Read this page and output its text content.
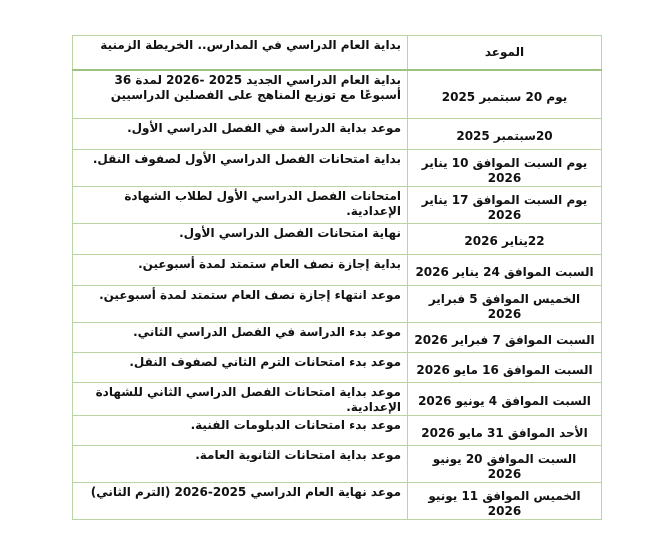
بداية العام الدراسي في المدارس.. الخريطة الزمنية	الموعد
بداية العام الدراسي الجديد 2025 -2026 لمدة 36 أسبوعًا مع توزيع المناهج على الفصلين الدراسيين	يوم 20 سبتمبر 2025
موعد بداية الدراسة في الفصل الدراسي الأول.	20سبتمبر 2025
بداية امتحانات الفصل الدراسي الأول لصفوف النقل.	يوم السبت الموافق 10 يناير 2026
امتحانات الفصل الدراسي الأول لطلاب الشهادة الإعدادية.	يوم السبت الموافق 17 يناير 2026
نهاية امتحانات الفصل الدراسي الأول.	22يناير 2026
بداية إجازة نصف العام ستمتد لمدة أسبوعين.	السبت الموافق 24 يناير 2026
موعد انتهاء إجازة نصف العام ستمتد لمدة أسبوعين.	الخميس الموافق 5 فبراير 2026
موعد بدء الدراسة في الفصل الدراسي الثاني.	السبت الموافق 7 فبراير 2026
موعد بدء امتحانات الترم الثاني لصفوف النقل.	السبت الموافق 16 مايو 2026
موعد بداية امتحانات الفصل الدراسي الثاني للشهادة الإعدادية.	السبت الموافق 4 يونيو 2026
موعد بدء امتحانات الدبلومات الفنية.	الأحد الموافق 31 مايو 2026
موعد بداية امتحانات الثانوية العامة.	السبت الموافق 20 يونيو 2026
موعد نهاية العام الدراسي 2025-2026 (الترم الثاني)	الخميس الموافق 11 يونيو 2026
